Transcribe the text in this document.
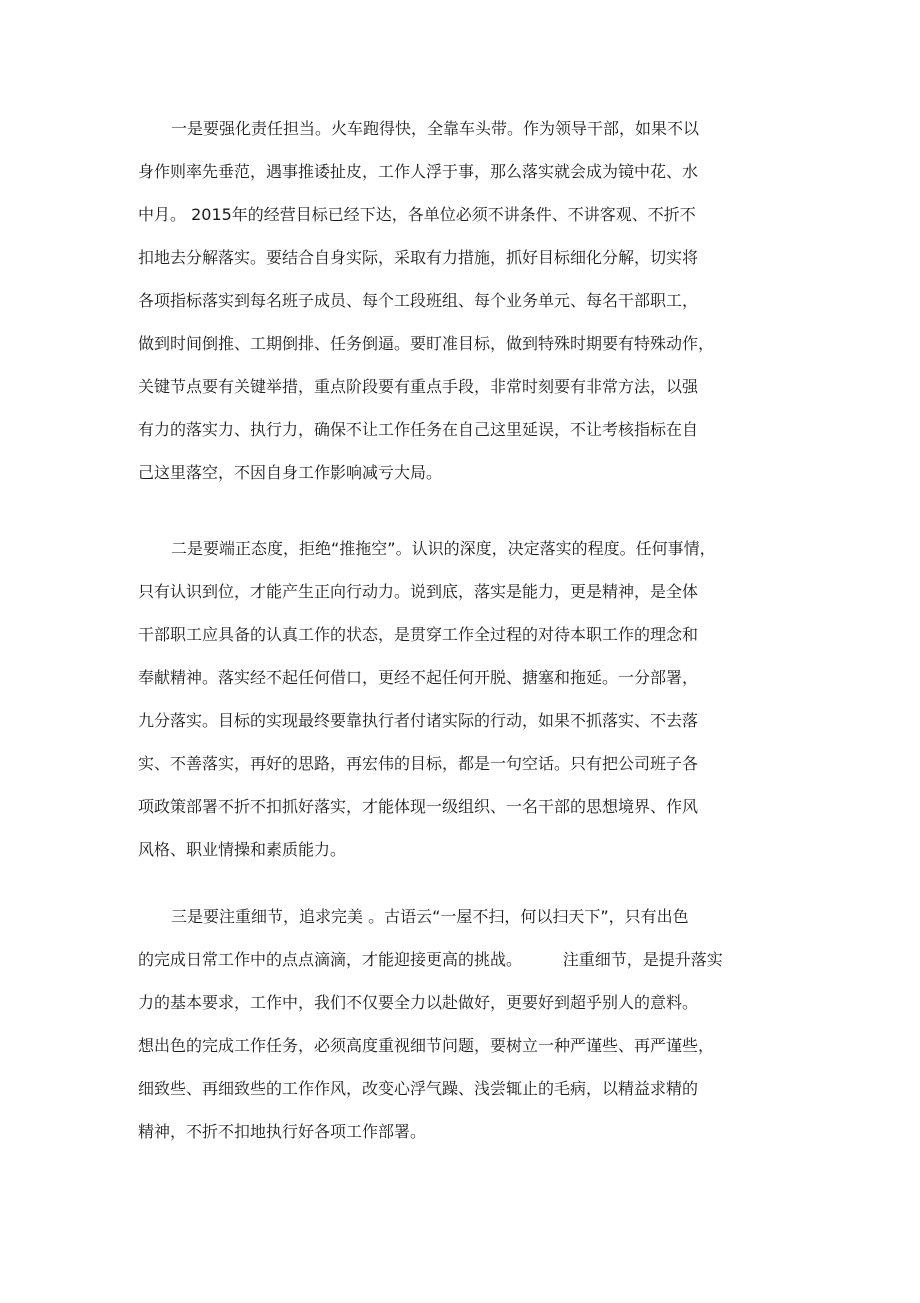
一是要强化责任担当。火车跑得快，全靠车头带。作为领导干部，如果不以
身作则率先垂范，遇事推诿扯皮，工作人浮于事，那么落实就会成为镜中花、水
中月。 2015年的经营目标已经下达，各单位必须不讲条件、不讲客观、不折不
扣地去分解落实。要结合自身实际，采取有力措施，抓好目标细化分解，切实将
各项指标落实到每名班子成员、每个工段班组、每个业务单元、每名干部职工，
做到时间倒推、工期倒排、任务倒逼。要盯准目标，做到特殊时期要有特殊动作，
关键节点要有关键举措，重点阶段要有重点手段，非常时刻要有非常方法，以强
有力的落实力、执行力，确保不让工作任务在自己这里延误，不让考核指标在自
己这里落空，不因自身工作影响减亏大局。
二是要端正态度，拒绝“推拖空”。认识的深度，决定落实的程度。任何事情，
只有认识到位，才能产生正向行动力。说到底，落实是能力，更是精神，是全体
干部职工应具备的认真工作的状态，是贯穿工作全过程的对待本职工作的理念和
奉献精神。落实经不起任何借口，更经不起任何开脱、搪塞和拖延。一分部署，
九分落实。目标的实现最终要靠执行者付诸实际的行动，如果不抓落实、不去落
实、不善落实，再好的思路，再宏伟的目标，都是一句空话。只有把公司班子各
项政策部署不折不扣抓好落实，才能体现一级组织、一名干部的思想境界、作风
风格、职业情操和素质能力。
三是要注重细节，追求完美 。古语云“一屋不扫，何以扫天下”，只有出色
的完成日常工作中的点点滴滴，才能迎接更高的挑战。        注重细节，是提升落实
力的基本要求，工作中，我们不仅要全力以赴做好，更要好到超乎别人的意料。
想出色的完成工作任务，必须高度重视细节问题，要树立一种严谨些、再严谨些，
细致些、再细致些的工作作风，改变心浮气躁、浅尝辄止的毛病，以精益求精的
精神，不折不扣地执行好各项工作部署。
